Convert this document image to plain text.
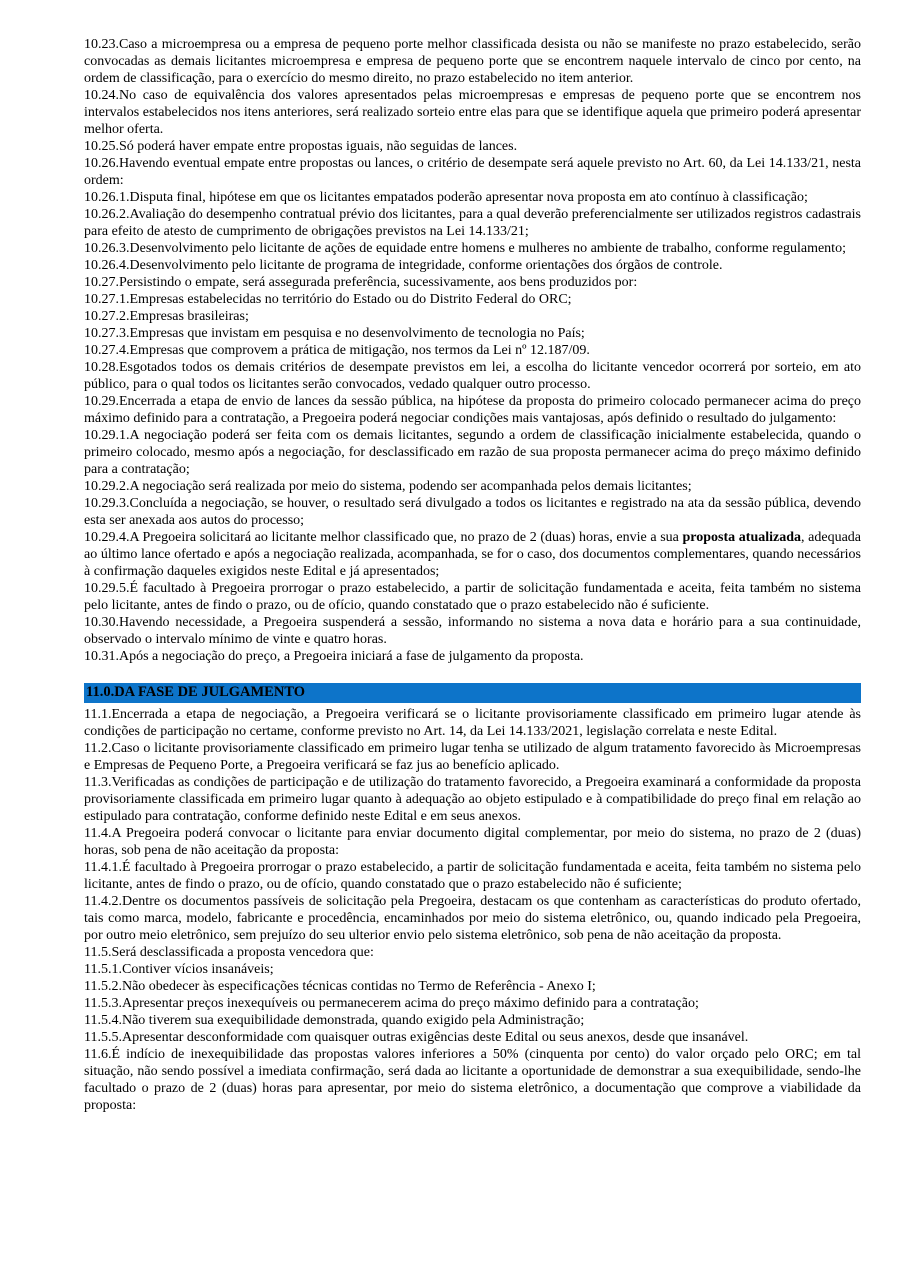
10.23.Caso a microempresa ou a empresa de pequeno porte melhor classificada desista ou não se manifeste no prazo estabelecido, serão convocadas as demais licitantes microempresa e empresa de pequeno porte que se encontrem naquele intervalo de cinco por cento, na ordem de classificação, para o exercício do mesmo direito, no prazo estabelecido no item anterior.
10.24.No caso de equivalência dos valores apresentados pelas microempresas e empresas de pequeno porte que se encontrem nos intervalos estabelecidos nos itens anteriores, será realizado sorteio entre elas para que se identifique aquela que primeiro poderá apresentar melhor oferta.
10.25.Só poderá haver empate entre propostas iguais, não seguidas de lances.
10.26.Havendo eventual empate entre propostas ou lances, o critério de desempate será aquele previsto no Art. 60, da Lei 14.133/21, nesta ordem:
10.26.1.Disputa final, hipótese em que os licitantes empatados poderão apresentar nova proposta em ato contínuo à classificação;
10.26.2.Avaliação do desempenho contratual prévio dos licitantes, para a qual deverão preferencialmente ser utilizados registros cadastrais para efeito de atesto de cumprimento de obrigações previstos na Lei 14.133/21;
10.26.3.Desenvolvimento pelo licitante de ações de equidade entre homens e mulheres no ambiente de trabalho, conforme regulamento;
10.26.4.Desenvolvimento pelo licitante de programa de integridade, conforme orientações dos órgãos de controle.
10.27.Persistindo o empate, será assegurada preferência, sucessivamente, aos bens produzidos por:
10.27.1.Empresas estabelecidas no território do Estado ou do Distrito Federal do ORC;
10.27.2.Empresas brasileiras;
10.27.3.Empresas que invistam em pesquisa e no desenvolvimento de tecnologia no País;
10.27.4.Empresas que comprovem a prática de mitigação, nos termos da Lei nº 12.187/09.
10.28.Esgotados todos os demais critérios de desempate previstos em lei, a escolha do licitante vencedor ocorrerá por sorteio, em ato público, para o qual todos os licitantes serão convocados, vedado qualquer outro processo.
10.29.Encerrada a etapa de envio de lances da sessão pública, na hipótese da proposta do primeiro colocado permanecer acima do preço máximo definido para a contratação, a Pregoeira poderá negociar condições mais vantajosas, após definido o resultado do julgamento:
10.29.1.A negociação poderá ser feita com os demais licitantes, segundo a ordem de classificação inicialmente estabelecida, quando o primeiro colocado, mesmo após a negociação, for desclassificado em razão de sua proposta permanecer acima do preço máximo definido para a contratação;
10.29.2.A negociação será realizada por meio do sistema, podendo ser acompanhada pelos demais licitantes;
10.29.3.Concluída a negociação, se houver, o resultado será divulgado a todos os licitantes e registrado na ata da sessão pública, devendo esta ser anexada aos autos do processo;
10.29.4.A Pregoeira solicitará ao licitante melhor classificado que, no prazo de 2 (duas) horas, envie a sua proposta atualizada, adequada ao último lance ofertado e após a negociação realizada, acompanhada, se for o caso, dos documentos complementares, quando necessários à confirmação daqueles exigidos neste Edital e já apresentados;
10.29.5.É facultado à Pregoeira prorrogar o prazo estabelecido, a partir de solicitação fundamentada e aceita, feita também no sistema pelo licitante, antes de findo o prazo, ou de ofício, quando constatado que o prazo estabelecido não é suficiente.
10.30.Havendo necessidade, a Pregoeira suspenderá a sessão, informando no sistema a nova data e horário para a sua continuidade, observado o intervalo mínimo de vinte e quatro horas.
10.31.Após a negociação do preço, a Pregoeira iniciará a fase de julgamento da proposta.
11.0.DA FASE DE JULGAMENTO
11.1.Encerrada a etapa de negociação, a Pregoeira verificará se o licitante provisoriamente classificado em primeiro lugar atende às condições de participação no certame, conforme previsto no Art. 14, da Lei 14.133/2021, legislação correlata e neste Edital.
11.2.Caso o licitante provisoriamente classificado em primeiro lugar tenha se utilizado de algum tratamento favorecido às Microempresas e Empresas de Pequeno Porte, a Pregoeira verificará se faz jus ao benefício aplicado.
11.3.Verificadas as condições de participação e de utilização do tratamento favorecido, a Pregoeira examinará a conformidade da proposta provisoriamente classificada em primeiro lugar quanto à adequação ao objeto estipulado e à compatibilidade do preço final em relação ao estipulado para contratação, conforme definido neste Edital e em seus anexos.
11.4.A Pregoeira poderá convocar o licitante para enviar documento digital complementar, por meio do sistema, no prazo de 2 (duas) horas, sob pena de não aceitação da proposta:
11.4.1.É facultado à Pregoeira prorrogar o prazo estabelecido, a partir de solicitação fundamentada e aceita, feita também no sistema pelo licitante, antes de findo o prazo, ou de ofício, quando constatado que o prazo estabelecido não é suficiente;
11.4.2.Dentre os documentos passíveis de solicitação pela Pregoeira, destacam os que contenham as características do produto ofertado, tais como marca, modelo, fabricante e procedência, encaminhados por meio do sistema eletrônico, ou, quando indicado pela Pregoeira, por outro meio eletrônico, sem prejuízo do seu ulterior envio pelo sistema eletrônico, sob pena de não aceitação da proposta.
11.5.Será desclassificada a proposta vencedora que:
11.5.1.Contiver vícios insanáveis;
11.5.2.Não obedecer às especificações técnicas contidas no Termo de Referência - Anexo I;
11.5.3.Apresentar preços inexequíveis ou permanecerem acima do preço máximo definido para a contratação;
11.5.4.Não tiverem sua exequibilidade demonstrada, quando exigido pela Administração;
11.5.5.Apresentar desconformidade com quaisquer outras exigências deste Edital ou seus anexos, desde que insanável.
11.6.É indício de inexequibilidade das propostas valores inferiores a 50% (cinquenta por cento) do valor orçado pelo ORC; em tal situação, não sendo possível a imediata confirmação, será dada ao licitante a oportunidade de demonstrar a sua exequibilidade, sendo-lhe facultado o prazo de 2 (duas) horas para apresentar, por meio do sistema eletrônico, a documentação que comprove a viabilidade da proposta:
